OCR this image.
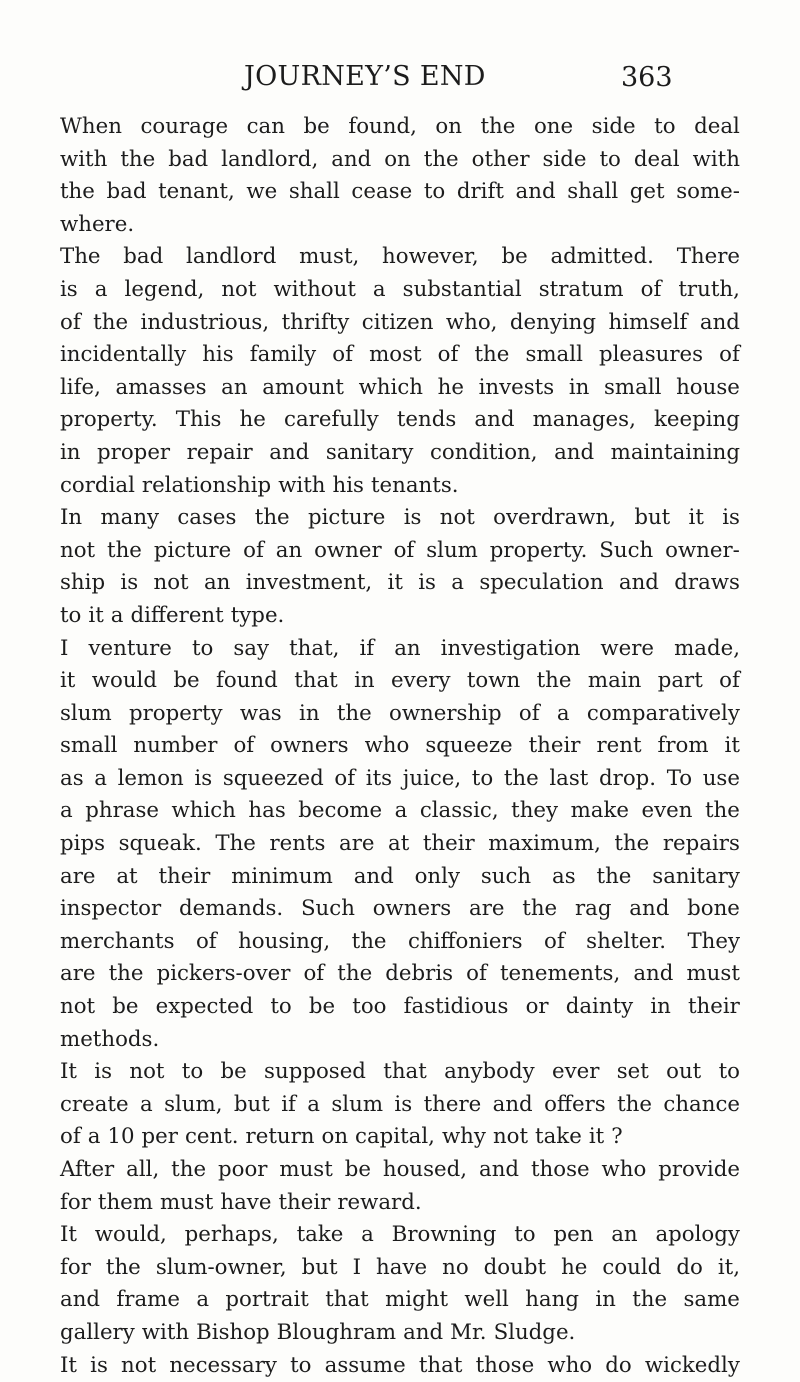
JOURNEY’S END	363
When courage can be found, on the one side to deal
with the bad landlord, and on the other side to deal with
the bad tenant, we shall cease to drift and shall get some-
where.
The bad landlord must, however, be admitted. There
is a legend, not without a substantial stratum of truth,
of the industrious, thrifty citizen who, denying himself and
incidentally his family of most of the small pleasures of
life, amasses an amount which he invests in small house
property. This he carefully tends and manages, keeping
in proper repair and sanitary condition, and maintaining
cordial relationship with his tenants.
In many cases the picture is not overdrawn, but it is
not the picture of an owner of slum property. Such owner-
ship is not an investment, it is a speculation and draws
to it a different type.
I venture to say that, if an investigation were made,
it would be found that in every town the main part of
slum property was in the ownership of a comparatively
small number of owners who squeeze their rent from it
as a lemon is squeezed of its juice, to the last drop. To use
a phrase which has become a classic, they make even the
pips squeak. The rents are at their maximum, the repairs
are at their minimum and only such as the sanitary
inspector demands. Such owners are the rag and bone
merchants of housing, the chiffoniers of shelter. They
are the pickers-over of the debris of tenements, and must
not be expected to be too fastidious or dainty in their
methods.
It is not to be supposed that anybody ever set out to
create a slum, but if a slum is there and offers the chance
of a 10 per cent. return on capital, why not take it ?
After all, the poor must be housed, and those who provide
for them must have their reward.
It would, perhaps, take a Browning to pen an apology
for the slum-owner, but I have no doubt he could do it,
and frame a portrait that might well hang in the same
gallery with Bishop Bloughram and Mr. Sludge.
It is not necessary to assume that those who do wickedly
